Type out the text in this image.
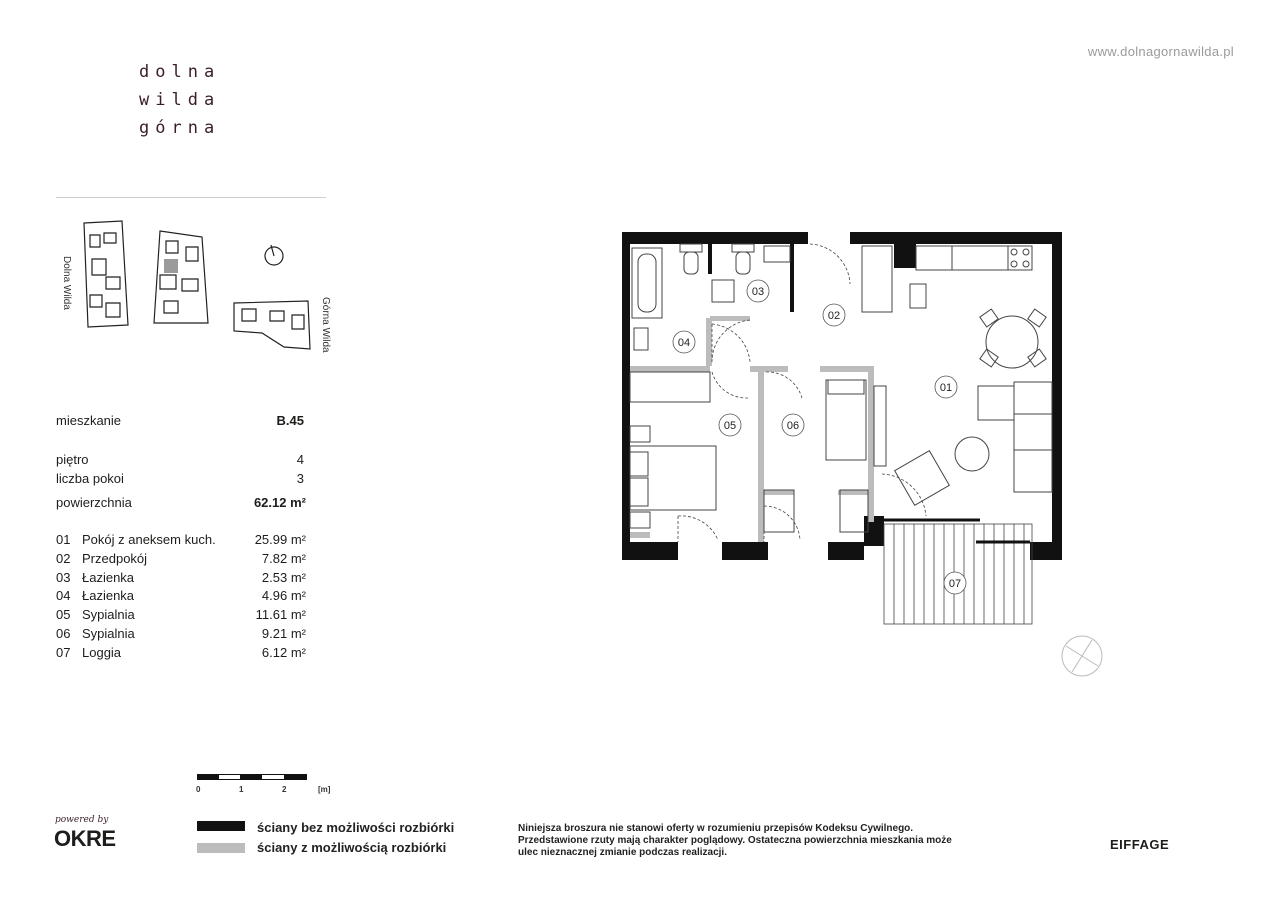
dolna
wilda
górna
www.dolnagornawilda.pl
Dolna Wilda
Górna Wilda
mieszkanie	B.45
piętro	4
liczba pokoi	3
powierzchnia	62.12 m²
01 Pokój z aneksem kuch.	25.99 m²
02 Przedpokój	7.82 m²
03 Łazienka	2.53 m²
04 Łazienka	4.96 m²
05 Sypialnia	11.61 m²
06 Sypialnia	9.21 m²
07 Loggia	6.12 m²
01
02
03
04
05	06
07
0	1	2	[m]
ściany bez możliwości rozbiórki
ściany z możliwością rozbiórki
Niniejsza broszura nie stanowi oferty w rozumieniu przepisów Kodeksu Cywilnego.
Przedstawione rzuty mają charakter poglądowy. Ostateczna powierzchnia mieszkania może
ulec nieznacznej zmianie podczas realizacji.
powered by
OKRE	EIFFAGE
